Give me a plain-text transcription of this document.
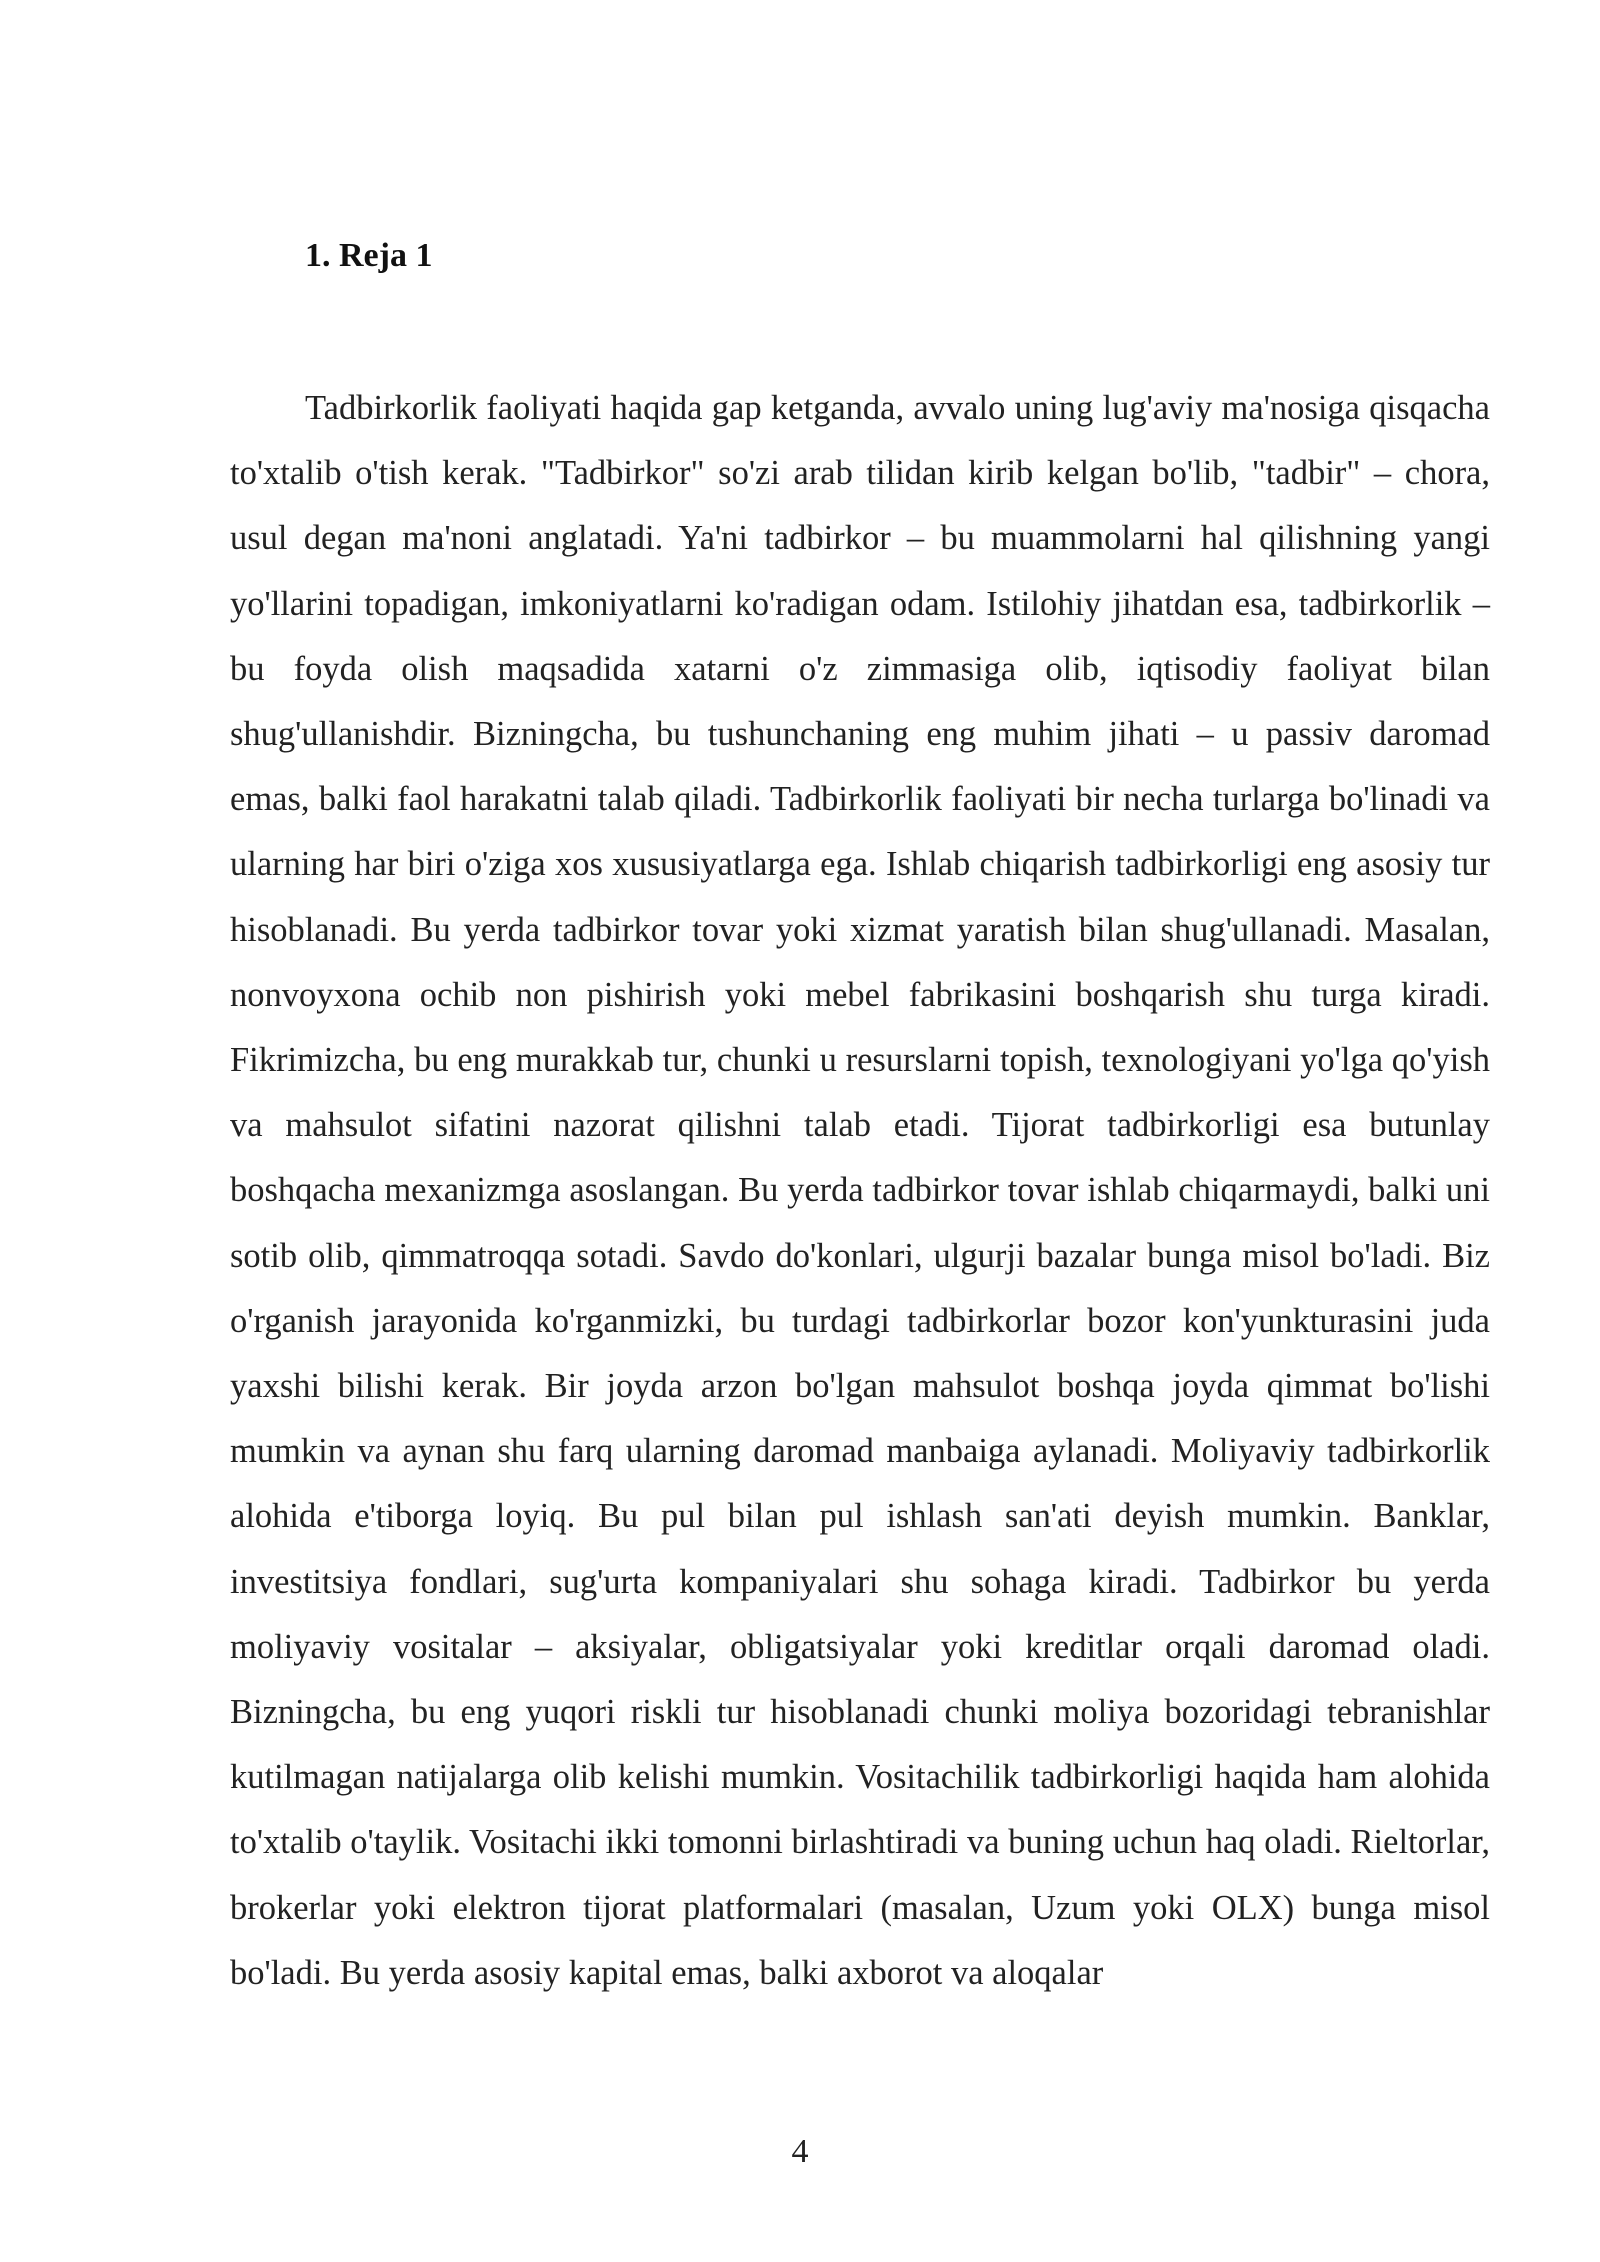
1. Reja 1

Tadbirkorlik faoliyati haqida gap ketganda, avvalo uning lug'aviy ma'nosiga qisqacha to'xtalib o'tish kerak. "Tadbirkor" so'zi arab tilidan kirib kelgan bo'lib, "tadbir" – chora, usul degan ma'noni anglatadi. Ya'ni tadbirkor – bu muammolarni hal qilishning yangi yo'llarini topadigan, imkoniyatlarni ko'radigan odam. Istilohiy jihatdan esa, tadbirkorlik – bu foyda olish maqsadida xatarni o'z zimmasiga olib, iqtisodiy faoliyat bilan shug'ullanishdir. Bizningcha, bu tushunchaning eng muhim jihati – u passiv daromad emas, balki faol harakatni talab qiladi. Tadbirkorlik faoliyati bir necha turlarga bo'linadi va ularning har biri o'ziga xos xususiyatlarga ega. Ishlab chiqarish tadbirkorligi eng asosiy tur hisoblanadi. Bu yerda tadbirkor tovar yoki xizmat yaratish bilan shug'ullanadi. Masalan, nonvoyxona ochib non pishirish yoki mebel fabrikasini boshqarish shu turga kiradi. Fikrimizcha, bu eng murakkab tur, chunki u resurslarni topish, texnologiyani yo'lga qo'yish va mahsulot sifatini nazorat qilishni talab etadi. Tijorat tadbirkorligi esa butunlay boshqacha mexanizmga asoslangan. Bu yerda tadbirkor tovar ishlab chiqarmaydi, balki uni sotib olib, qimmatroqqa sotadi. Savdo do'konlari, ulgurji bazalar bunga misol bo'ladi. Biz o'rganish jarayonida ko'rganmizki, bu turdagi tadbirkorlar bozor kon'yunkturasini juda yaxshi bilishi kerak. Bir joyda arzon bo'lgan mahsulot boshqa joyda qimmat bo'lishi mumkin va aynan shu farq ularning daromad manbaiga aylanadi. Moliyaviy tadbirkorlik alohida e'tiborga loyiq. Bu pul bilan pul ishlash san'ati deyish mumkin. Banklar, investitsiya fondlari, sug'urta kompaniyalari shu sohaga kiradi. Tadbirkor bu yerda moliyaviy vositalar – aksiyalar, obligatsiyalar yoki kreditlar orqali daromad oladi. Bizningcha, bu eng yuqori riskli tur hisoblanadi chunki moliya bozoridagi tebranishlar kutilmagan natijalarga olib kelishi mumkin. Vositachilik tadbirkorligi haqida ham alohida to'xtalib o'taylik. Vositachi ikki tomonni birlashtiradi va buning uchun haq oladi. Rieltorlar, brokerlar yoki elektron tijorat platformalari (masalan, Uzum yoki OLX) bunga misol bo'ladi. Bu yerda asosiy kapital emas, balki axborot va aloqalar

4
